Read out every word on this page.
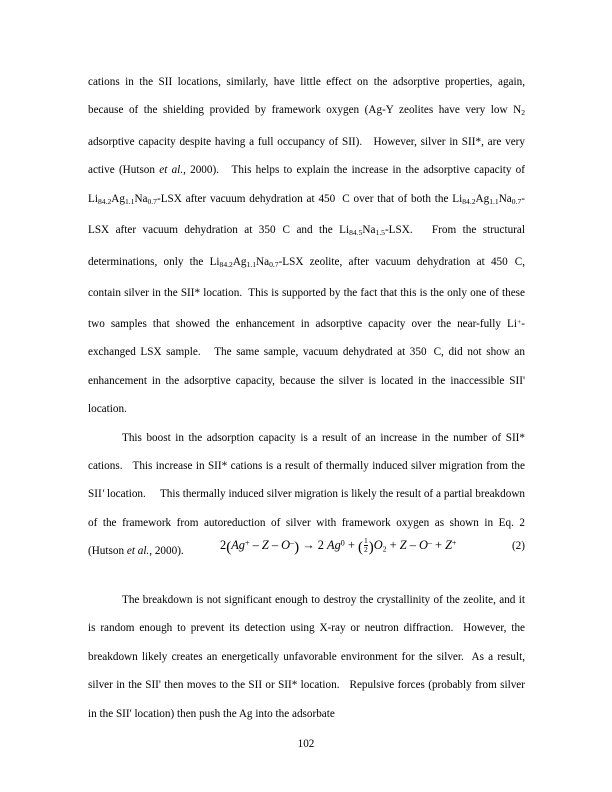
cations in the SII locations, similarly, have little effect on the adsorptive properties, again, because of the shielding provided by framework oxygen (Ag-Y zeolites have very low $N_2$ adsorptive capacity despite having a full occupancy of SII).   However, silver in SII*, are very active (Hutson et al., 2000).   This helps to explain the increase in the adsorptive capacity of $Li_{84.2}Ag_{1.1}Na_{0.7}$-LSX after vacuum dehydration at 450 C over that of both the $Li_{84.2}Ag_{1.1}Na_{0.7}$-LSX after vacuum dehydration at 350 C and the $Li_{84.5}Na_{1.5}$-LSX.   From the structural determinations, only the $Li_{84.2}Ag_{1.1}Na_{0.7}$-LSX zeolite, after vacuum dehydration at 450 C, contain silver in the SII* location.  This is supported by the fact that this is the only one of these two samples that showed the enhancement in adsorptive capacity over the near-fully Li+-exchanged LSX sample.   The same sample, vacuum dehydrated at 350 C, did not show an enhancement in the adsorptive capacity, because the silver is located in the inaccessible SII' location.

This boost in the adsorption capacity is a result of an increase in the number of SII* cations.   This increase in SII* cations is a result of thermally induced silver migration from the SII' location.     This thermally induced silver migration is likely the result of a partial breakdown of the framework from autoreduction of silver with framework oxygen as shown in Eq. 2 (Hutson et al., 2000).	2(Ag+ – Z – O–) → 2 $Ag^0$ + ( $\frac{1}{2} )O_2 + Z - O^- + Z^+$	(2)

The breakdown is not significant enough to destroy the crystallinity of the zeolite, and it is random enough to prevent its detection using X-ray or neutron diffraction.  However, the breakdown likely creates an energetically unfavorable environment for the silver.  As a result, silver in the SII' then moves to the SII or SII* location.   Repulsive forces (probably from silver in the SII' location) then push the Ag into the adsorbate

102
